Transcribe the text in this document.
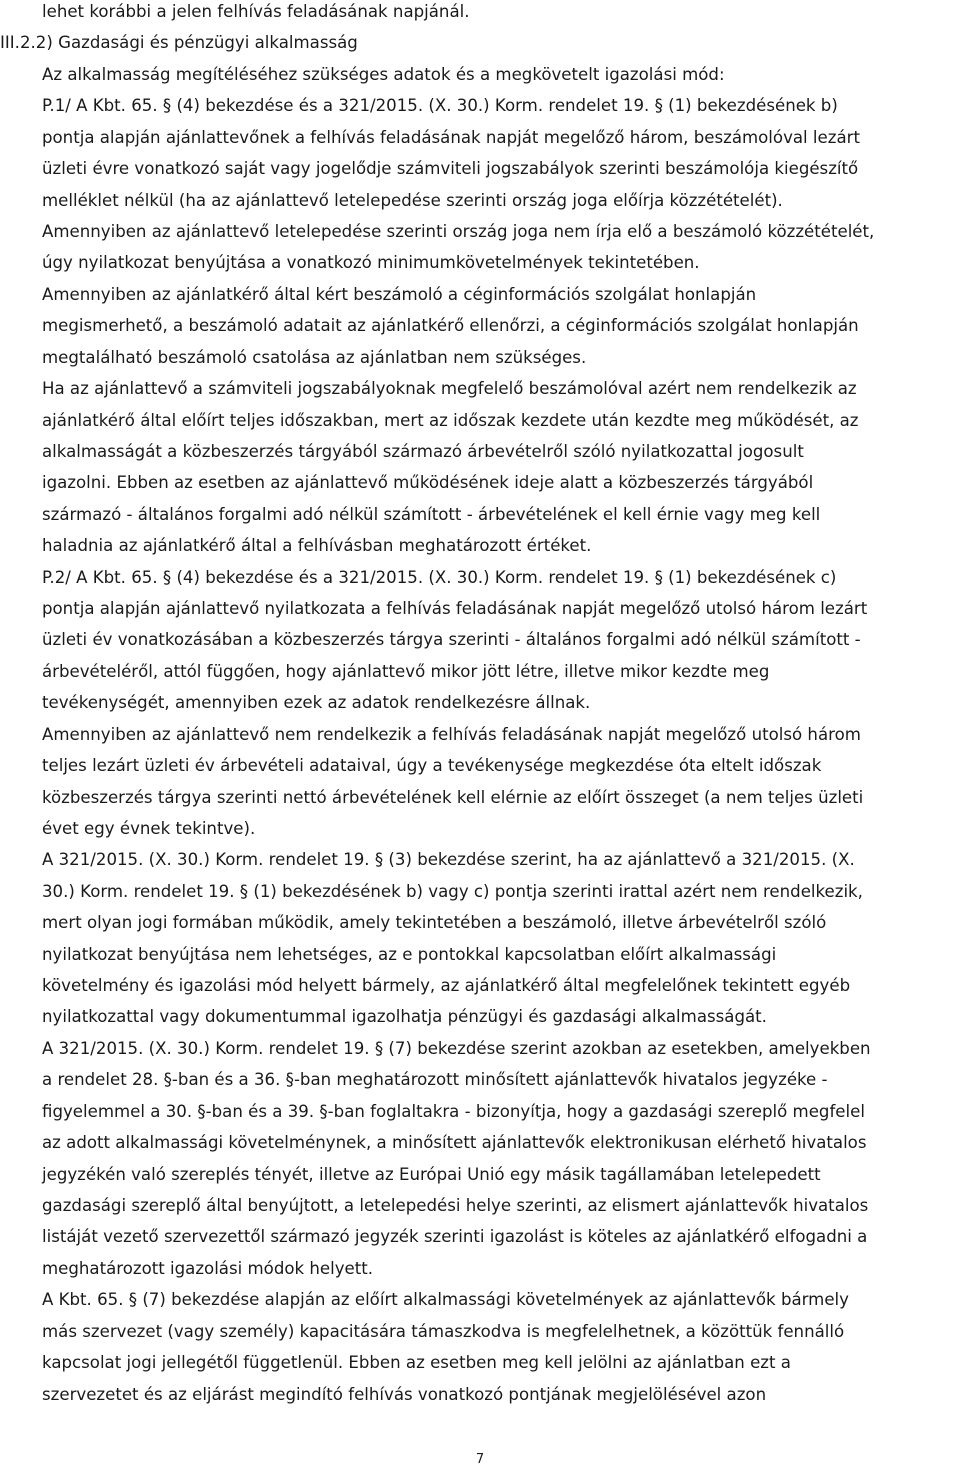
lehet korábbi a jelen felhívás feladásának napjánál.
III.2.2) Gazdasági és pénzügyi alkalmasság
Az alkalmasság megítéléséhez szükséges adatok és a megkövetelt igazolási mód:
P.1/ A Kbt. 65. § (4) bekezdése és a 321/2015. (X. 30.) Korm. rendelet 19. § (1) bekezdésének b)
pontja alapján ajánlattevőnek a felhívás feladásának napját megelőző három, beszámolóval lezárt
üzleti évre vonatkozó saját vagy jogelődje számviteli jogszabályok szerinti beszámolója kiegészítő
melléklet nélkül (ha az ajánlattevő letelepedése szerinti ország joga előírja közzétételét).
Amennyiben az ajánlattevő letelepedése szerinti ország joga nem írja elő a beszámoló közzétételét,
úgy nyilatkozat benyújtása a vonatkozó minimumkövetelmények tekintetében.
Amennyiben az ajánlatkérő által kért beszámoló a céginformációs szolgálat honlapján
megismerhető, a beszámoló adatait az ajánlatkérő ellenőrzi, a céginformációs szolgálat honlapján
megtalálható beszámoló csatolása az ajánlatban nem szükséges.
Ha az ajánlattevő a számviteli jogszabályoknak megfelelő beszámolóval azért nem rendelkezik az
ajánlatkérő által előírt teljes időszakban, mert az időszak kezdete után kezdte meg működését, az
alkalmasságát a közbeszerzés tárgyából származó árbevételről szóló nyilatkozattal jogosult
igazolni. Ebben az esetben az ajánlattevő működésének ideje alatt a közbeszerzés tárgyából
származó - általános forgalmi adó nélkül számított - árbevételének el kell érnie vagy meg kell
haladnia az ajánlatkérő által a felhívásban meghatározott értéket.
P.2/ A Kbt. 65. § (4) bekezdése és a 321/2015. (X. 30.) Korm. rendelet 19. § (1) bekezdésének c)
pontja alapján ajánlattevő nyilatkozata a felhívás feladásának napját megelőző utolsó három lezárt
üzleti év vonatkozásában a közbeszerzés tárgya szerinti - általános forgalmi adó nélkül számított -
árbevételéről, attól függően, hogy ajánlattevő mikor jött létre, illetve mikor kezdte meg
tevékenységét, amennyiben ezek az adatok rendelkezésre állnak.
Amennyiben az ajánlattevő nem rendelkezik a felhívás feladásának napját megelőző utolsó három
teljes lezárt üzleti év árbevételi adataival, úgy a tevékenysége megkezdése óta eltelt időszak
közbeszerzés tárgya szerinti nettó árbevételének kell elérnie az előírt összeget (a nem teljes üzleti
évet egy évnek tekintve).
A 321/2015. (X. 30.) Korm. rendelet 19. § (3) bekezdése szerint, ha az ajánlattevő a 321/2015. (X.
30.) Korm. rendelet 19. § (1) bekezdésének b) vagy c) pontja szerinti irattal azért nem rendelkezik,
mert olyan jogi formában működik, amely tekintetében a beszámoló, illetve árbevételről szóló
nyilatkozat benyújtása nem lehetséges, az e pontokkal kapcsolatban előírt alkalmassági
követelmény és igazolási mód helyett bármely, az ajánlatkérő által megfelelőnek tekintett egyéb
nyilatkozattal vagy dokumentummal igazolhatja pénzügyi és gazdasági alkalmasságát.
A 321/2015. (X. 30.) Korm. rendelet 19. § (7) bekezdése szerint azokban az esetekben, amelyekben
a rendelet 28. §-ban és a 36. §-ban meghatározott minősített ajánlattevők hivatalos jegyzéke -
figyelemmel a 30. §-ban és a 39. §-ban foglaltakra - bizonyítja, hogy a gazdasági szereplő megfelel
az adott alkalmassági követelménynek, a minősített ajánlattevők elektronikusan elérhető hivatalos
jegyzékén való szereplés tényét, illetve az Európai Unió egy másik tagállamában letelepedett
gazdasági szereplő által benyújtott, a letelepedési helye szerinti, az elismert ajánlattevők hivatalos
listáját vezető szervezettől származó jegyzék szerinti igazolást is köteles az ajánlatkérő elfogadni a
meghatározott igazolási módok helyett.
A Kbt. 65. § (7) bekezdése alapján az előírt alkalmassági követelmények az ajánlattevők bármely
más szervezet (vagy személy) kapacitására támaszkodva is megfelelhetnek, a közöttük fennálló
kapcsolat jogi jellegétől függetlenül. Ebben az esetben meg kell jelölni az ajánlatban ezt a
szervezetet és az eljárást megindító felhívás vonatkozó pontjának megjelölésével azon
7
